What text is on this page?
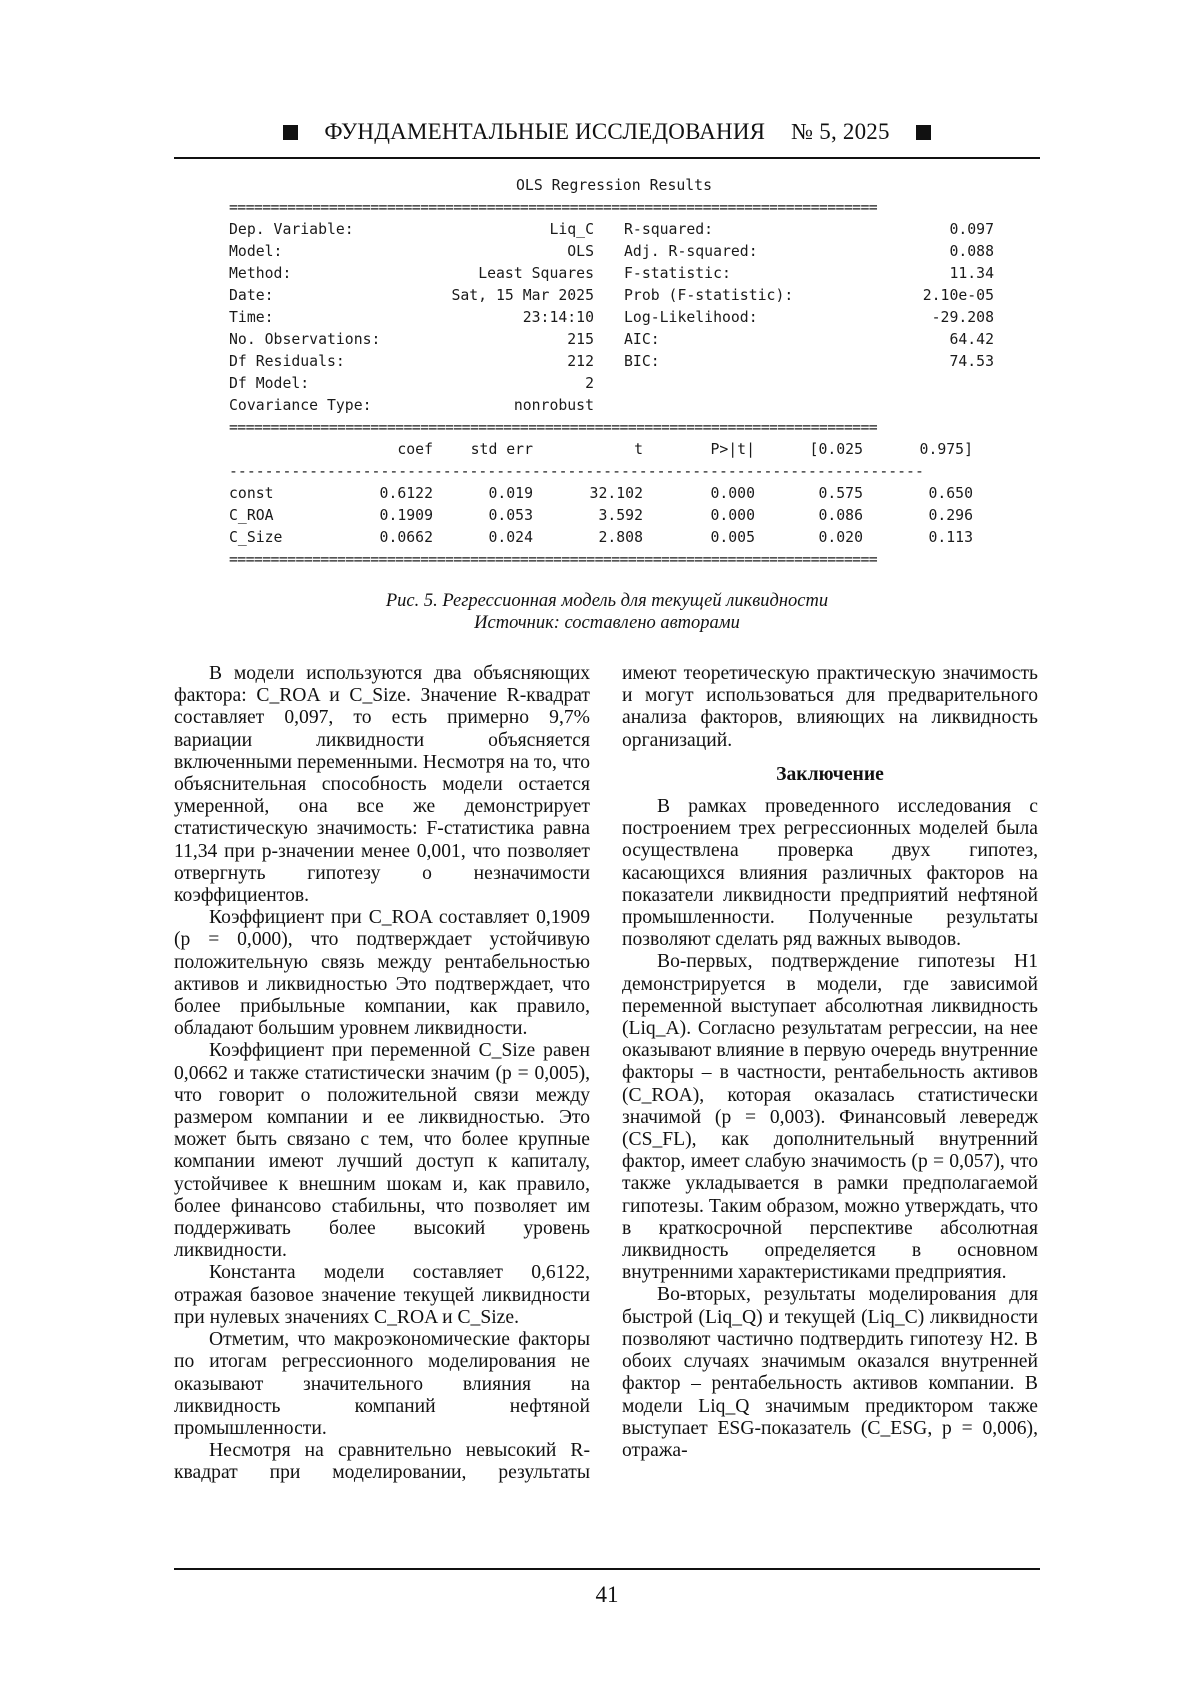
ФУНДАМЕНТАЛЬНЫЕ ИССЛЕДОВАНИЯ № 5, 2025
OLS Regression Results
==============================================================================
Dep. Variable:	Liq_C R-squared:	0.097
Model:	OLS Adj. R-squared:	0.088
Method:	Least Squares F-statistic:	11.34
Date:	Sat, 15 Mar 2025 Prob (F-statistic):	2.10e-05
Time:	23:14:10 Log-Likelihood:	-29.208
No. Observations:	215 AIC:	64.42
Df Residuals:	212 BIC:	74.53
Df Model:	2
Covariance Type:	nonrobust
==============================================================================
coef	std err	t	P>|t|	[0.025	0.975]
------------------------------------------------------------------------------
const	0.6122	0.019	32.102	0.000	0.575	0.650
C_ROA	0.1909	0.053	3.592	0.000	0.086	0.296
C_Size	0.0662	0.024	2.808	0.005	0.020	0.113
==============================================================================
Рис. 5. Регрессионная модель для текущей ликвидности
Источник: составлено авторами

В модели используются два объясняющих фактора: C_ROA и C_Size. Значение R-квадрат составляет 0,097, то есть примерно 9,7% вариации ликвидности объясняется включенными переменными. Несмотря на то, что объяснительная способность модели остается умеренной, она все же демонстрирует статистическую значимость: F-статистика равна 11,34 при p-значении менее 0,001, что позволяет отвергнуть гипотезу о незначимости коэффициентов.

Коэффициент при C_ROA составляет 0,1909 (p = 0,000), что подтверждает устойчивую положительную связь между рентабельностью активов и ликвидностью Это подтверждает, что более прибыльные компании, как правило, обладают большим уровнем ликвидности.

Коэффициент при переменной C_Size равен 0,0662 и также статистически значим (p = 0,005), что говорит о положительной связи между размером компании и ее ликвидностью. Это может быть связано с тем, что более крупные компании имеют лучший доступ к капиталу, устойчивее к внешним шокам и, как правило, более финансово стабильны, что позволяет им поддерживать более высокий уровень ликвидности.

Константа модели составляет 0,6122, отражая базовое значение текущей ликвидности при нулевых значениях C_ROA и C_Size.

Отметим, что макроэкономические факторы по итогам регрессионного моделирования не оказывают значительного влияния на ликвидность компаний нефтяной промышленности.

Несмотря на сравнительно невысокий R-квадрат при моделировании, результаты

имеют теоретическую практическую значимость и могут использоваться для предварительного анализа факторов, влияющих на ликвидность организаций.

Заключение

В рамках проведенного исследования с построением трех регрессионных моделей была осуществлена проверка двух гипотез, касающихся влияния различных факторов на показатели ликвидности предприятий нефтяной промышленности. Полученные результаты позволяют сделать ряд важных выводов.

Во-первых, подтверждение гипотезы H1 демонстрируется в модели, где зависимой переменной выступает абсолютная ликвидность (Liq_A). Согласно результатам регрессии, на нее оказывают влияние в первую очередь внутренние факторы – в частности, рентабельность активов (C_ROA), которая оказалась статистически значимой (p = 0,003). Финансовый левередж (CS_FL), как дополнительный внутренний фактор, имеет слабую значимость (p = 0,057), что также укладывается в рамки предполагаемой гипотезы. Таким образом, можно утверждать, что в краткосрочной перспективе абсолютная ликвидность определяется в основном внутренними характеристиками предприятия.

Во-вторых, результаты моделирования для быстрой (Liq_Q) и текущей (Liq_C) ликвидности позволяют частично подтвердить гипотезу H2. В обоих случаях значимым оказался внутренней фактор – рентабельность активов компании. В модели Liq_Q значимым предиктором также выступает ESG-показатель (C_ESG, p = 0,006), отража-

41
